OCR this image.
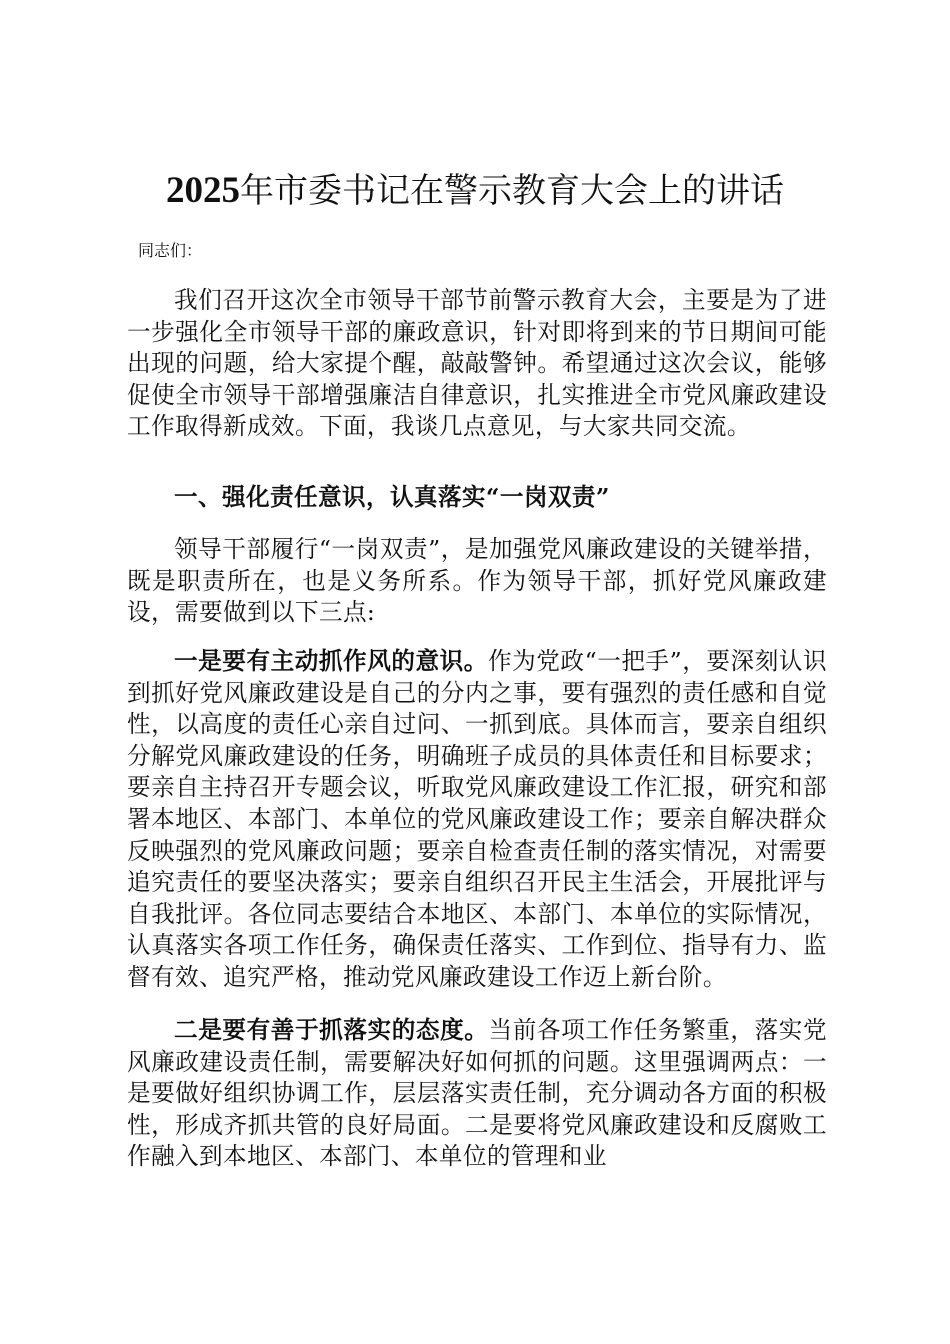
2025年市委书记在警示教育大会上的讲话

同志们：

我们召开这次全市领导干部节前警示教育大会，主要是为了进一步强化全市领导干部的廉政意识，针对即将到来的节日期间可能出现的问题，给大家提个醒，敲敲警钟。希望通过这次会议，能够促使全市领导干部增强廉洁自律意识，扎实推进全市党风廉政建设工作取得新成效。下面，我谈几点意见，与大家共同交流。

一、强化责任意识，认真落实“一岗双责”

领导干部履行“一岗双责”，是加强党风廉政建设的关键举措，既是职责所在，也是义务所系。作为领导干部，抓好党风廉政建设，需要做到以下三点:

一是要有主动抓作风的意识。作为党政“一把手”，要深刻认识到抓好党风廉政建设是自己的分内之事，要有强烈的责任感和自觉性，以高度的责任心亲自过问、一抓到底。具体而言，要亲自组织分解党风廉政建设的任务，明确班子成员的具体责任和目标要求；要亲自主持召开专题会议，听取党风廉政建设工作汇报，研究和部署本地区、本部门、本单位的党风廉政建设工作；要亲自解决群众反映强烈的党风廉政问题；要亲自检查责任制的落实情况，对需要追究责任的要坚决落实；要亲自组织召开民主生活会，开展批评与自我批评。各位同志要结合本地区、本部门、本单位的实际情况，认真落实各项工作任务，确保责任落实、工作到位、指导有力、监督有效、追究严格，推动党风廉政建设工作迈上新台阶。

二是要有善于抓落实的态度。当前各项工作任务繁重，落实党风廉政建设责任制，需要解决好如何抓的问题。这里强调两点：一是要做好组织协调工作，层层落实责任制，充分调动各方面的积极性，形成齐抓共管的良好局面。二是要将党风廉政建设和反腐败工作融入到本地区、本部门、本单位的管理和业
